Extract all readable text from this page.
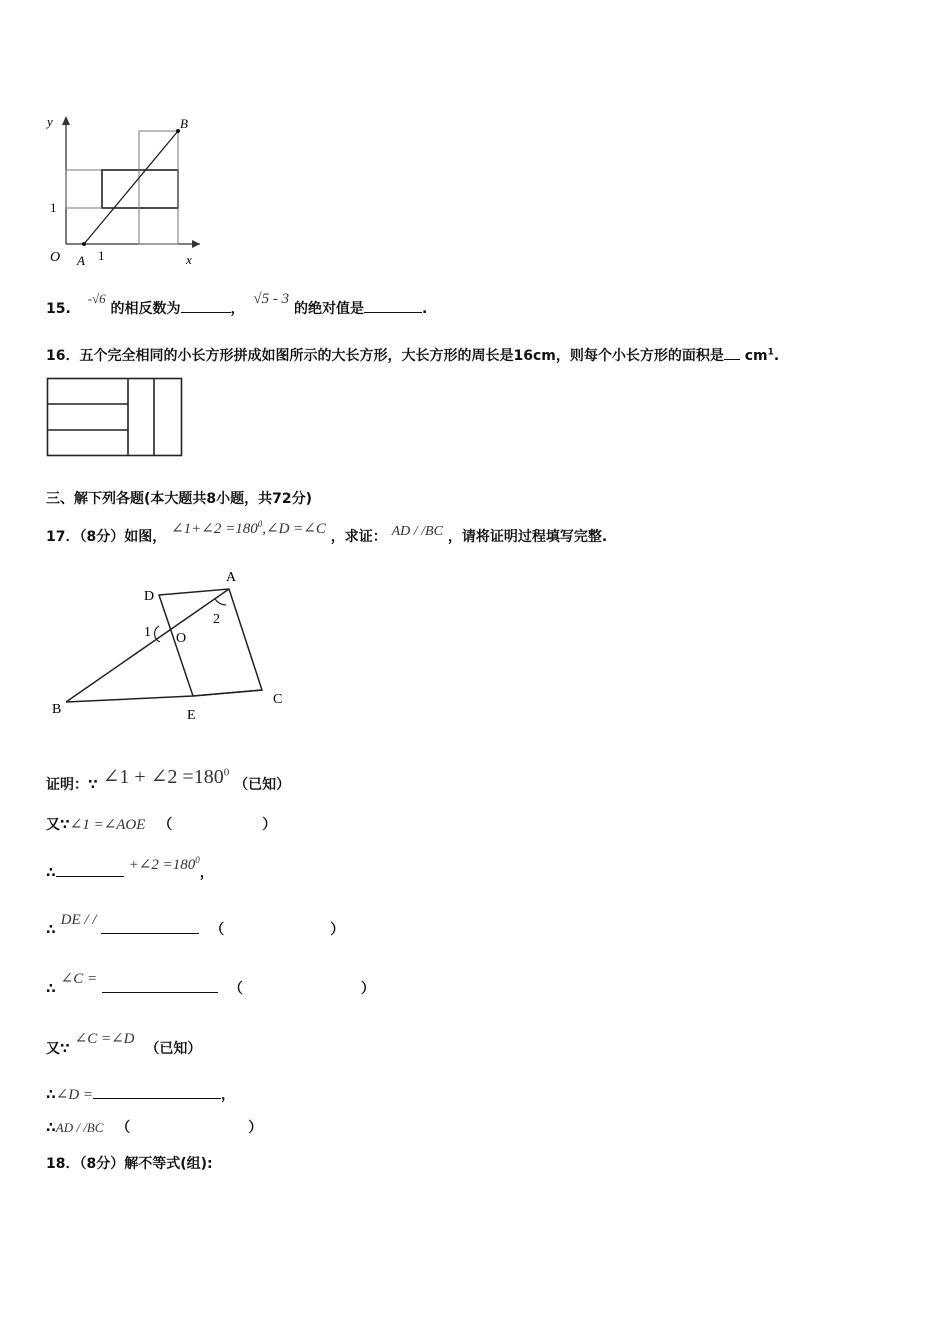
y
x
O A
B
1
1
15. -√6 的相反数为	， √5 - 3 的绝对值是	.
16．五个完全相同的小长方形拼成如图所示的大长方形，大长方形的周长是16cm，则每个小长方形的面积是 $cm^1$.
三、解下列各题(本大题共8小题，共72分)
17．（8分）如图， ∠1+∠2 $=180^0,\angle D$ =∠C ，求证： AD / /BC ，请将证明过程填写完整.
A
D
B	E
C
O
1
2
证明：∵ ∠1 + ∠2 $=180^0$ （已知）
又∵∠1 =∠AOE （	）
∴	+∠2 $=180^0$，
∴ DE / /  （	）
∴ ∠C =  （	）
又∵ ∠C =∠D （已知）
∴∠D =	，
∴AD / /BC （	）
18．（8分）解不等式(组):
